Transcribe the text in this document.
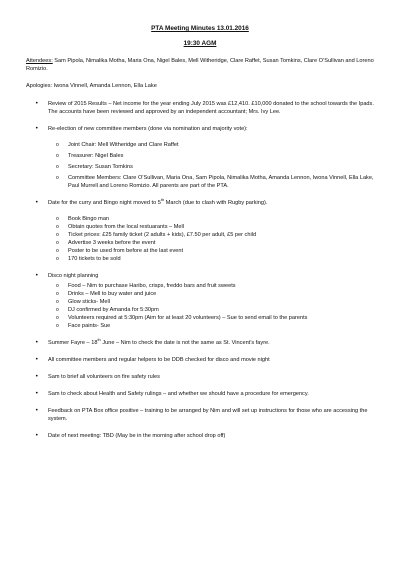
PTA Meeting Minutes 13.01.2016

19:30 AGM

Attendees: Sam Pipola, Nimalika Motha, Maria Ona, Nigel Bales, Mell Witheridge, Clare Raffet, Susan Tomkins, Clare O’Sullivan and Loreno Romizio.

Apologies: Iwona Vinnell, Amanda Lennon, Ella Lake

• Review of 2015 Results – Net income for the year ending July 2015 was £12,410. £10,000 donated to the school towards the Ipads. The accounts have been reviewed and approved by an independent accountant; Mrs. Ivy Lee.
• Re-election of new committee members (done via nomination and majority vote):
o Joint Chair: Mell Witheridge and Clare Raffet
o Treasurer: Nigel Bales
o Secretary: Susan Tomkins
o Committee Members: Clare O’Sullivan, Maria Ona, Sam Pipola, Nimalika Motha, Amanda Lennon, Iwona Vinnell, Ella Lake, Paul Murrell and Loreno Romizio. All parents are part of the PTA.
• Date for the curry and Bingo night moved to 5th March (due to clash with Rugby parking).
o Book Bingo man
o Obtain quotes from the local restuarants – Mell
o Ticket prices: £25 family ticket (2 adults + kids), £7.50 per adult, £5 per child
o Advertise 3 weeks before the event
o Poster to be used from before at the last event
o 170 tickets to be sold
• Disco night planning
o Food – Nim to purchase Haribo, crisps, freddo bars and fruit sweets
o Drinks – Mell to buy water and juice
o Glow sticks- Mell
o DJ confirmed by Amanda for 5:30pm
o Volunteers required at 5:30pm (Aim for at least 20 volunteers) – Sue to send email to the parents
o Face paints- Sue
• Summer Fayre – 18th June – Nim to check the date is not the same as St. Vincent’s fayre.
• All committee members and regular helpers to be DDB checked for disco and movie night
• Sam to brief all volunteers on fire safety rules
• Sam to check about Health and Safety rulings – and whether we should have a procedure for emergency.
• Feedback on PTA Box office positive – training to be arranged by Nim and will set up instructions for those who are accessing the system.
• Date of next meeting: TBD (May be in the morning after school drop off)
